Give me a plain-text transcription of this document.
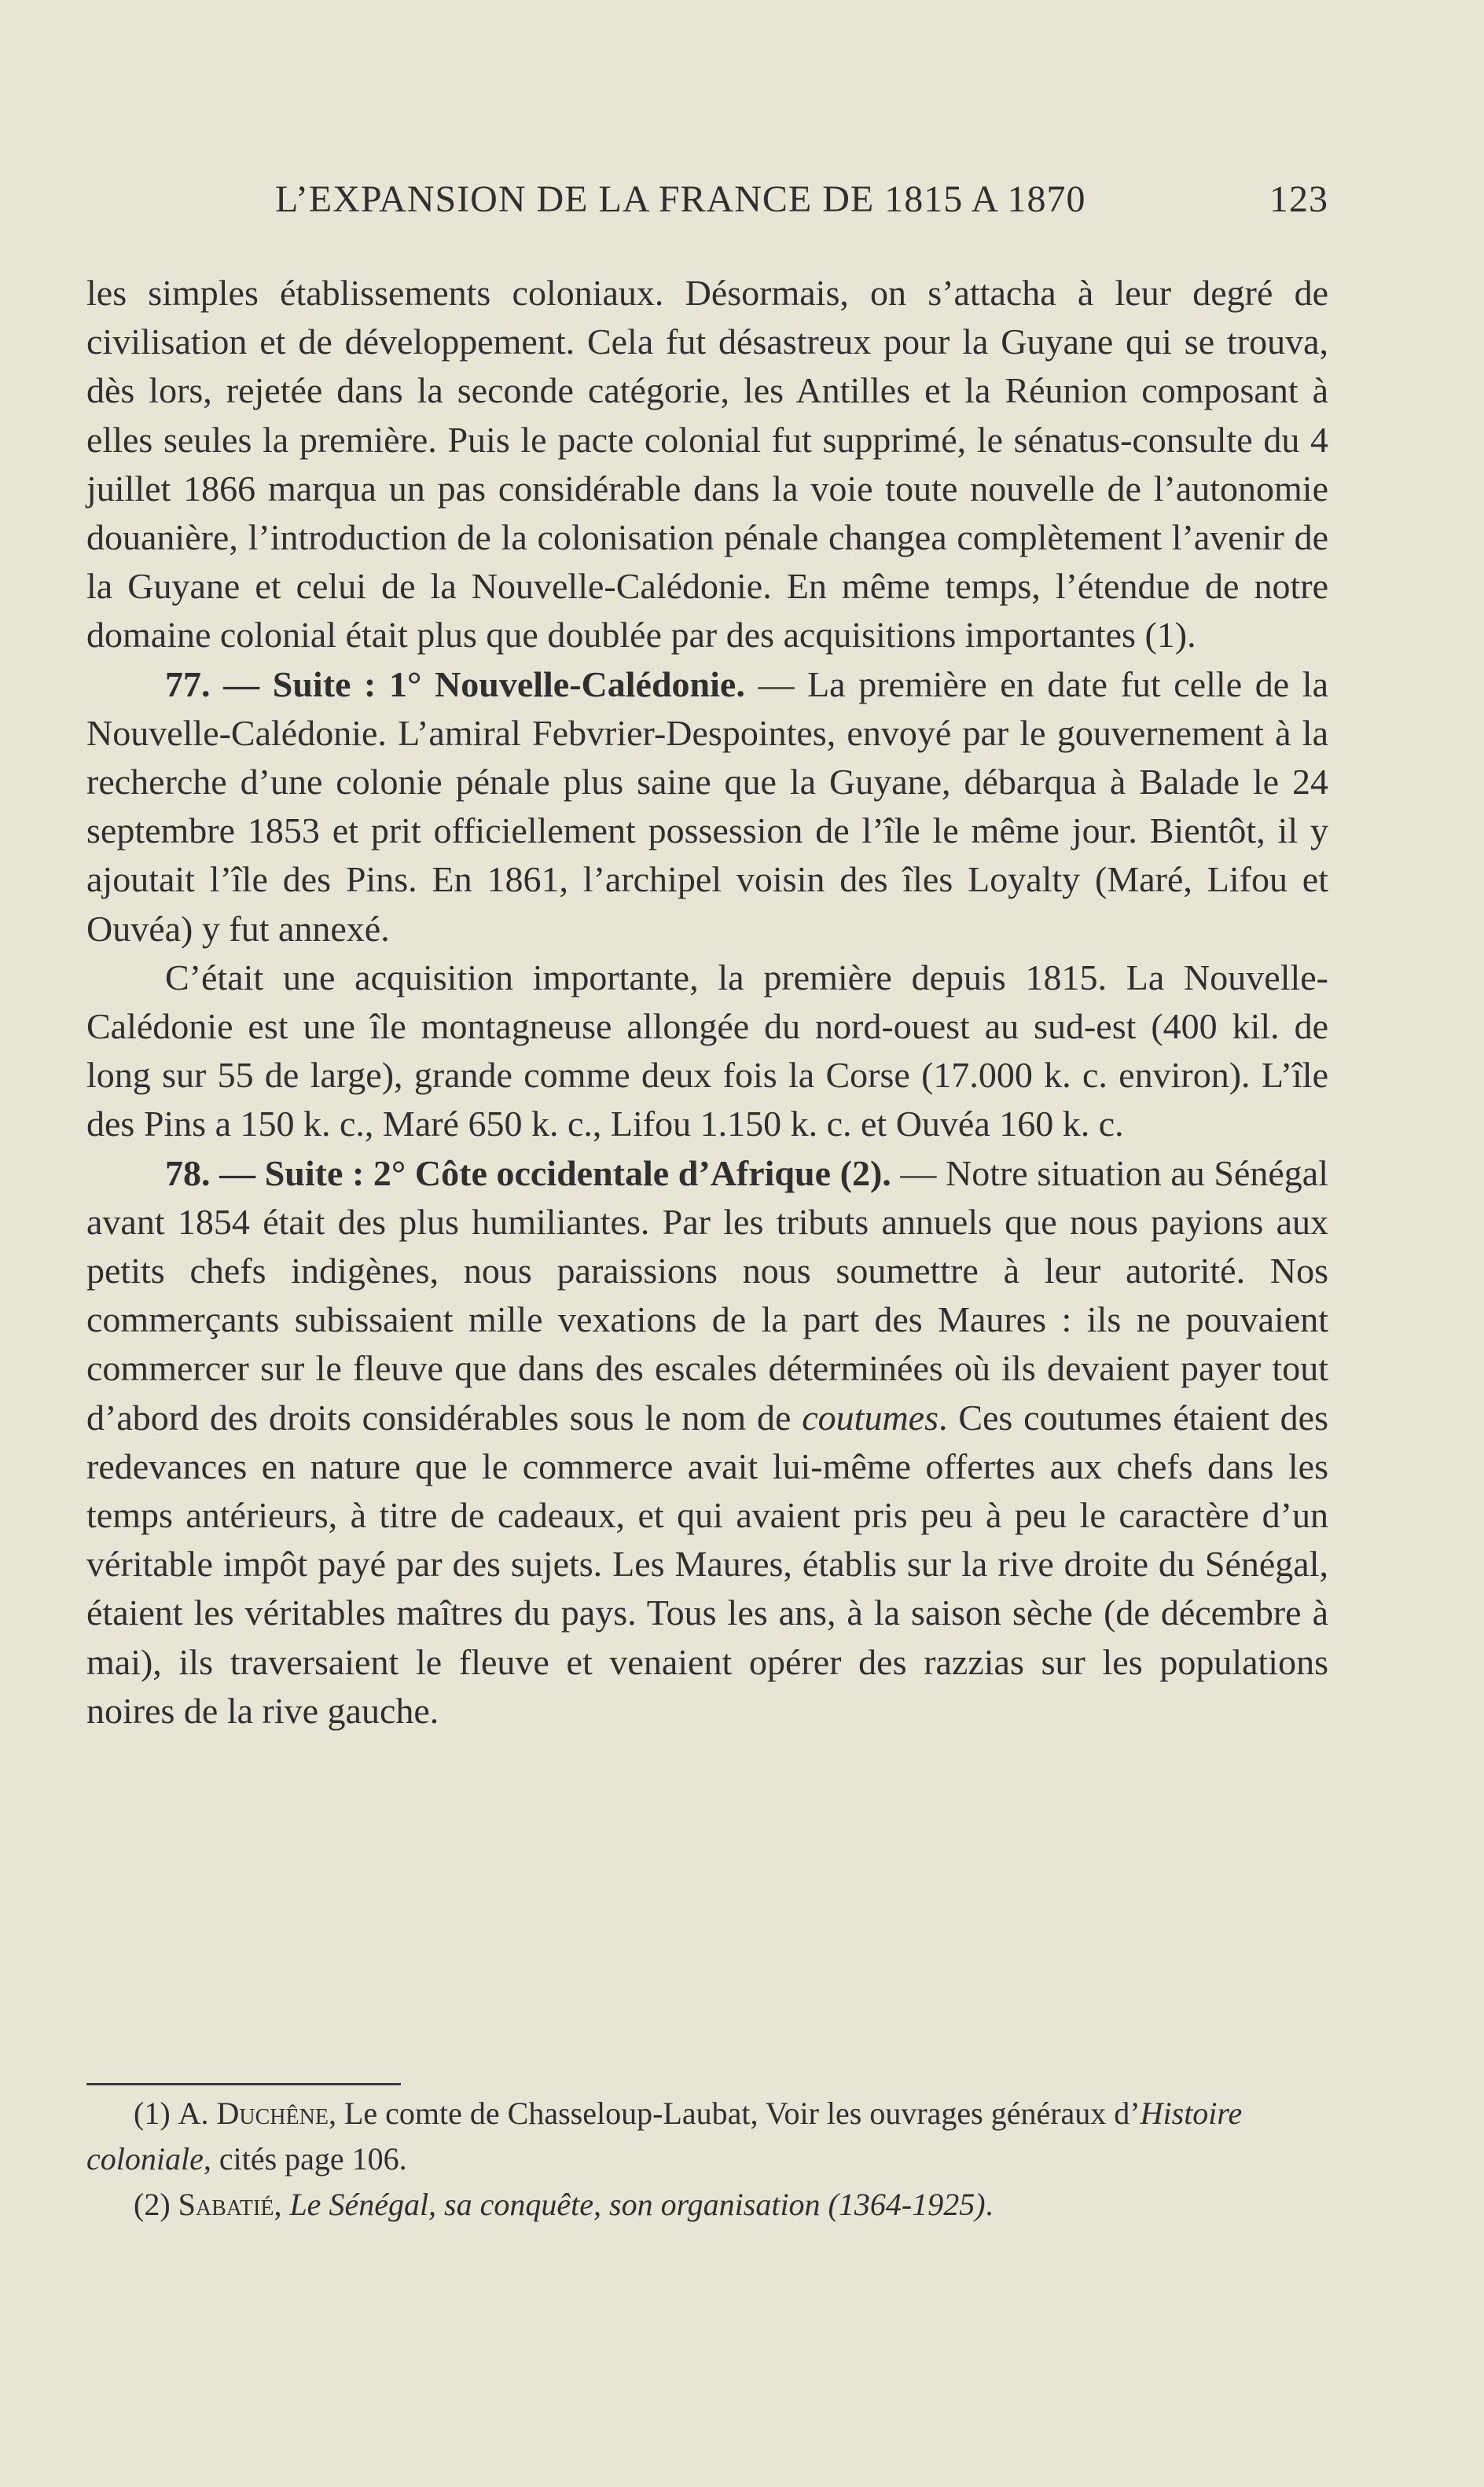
L’EXPANSION DE LA FRANCE DE 1815 A 1870	123

les simples établissements coloniaux. Désormais, on s’attacha à leur degré de civilisation et de développement. Cela fut désastreux pour la Guyane qui se trouva, dès lors, rejetée dans la seconde catégorie, les Antilles et la Réunion composant à elles seules la première. Puis le pacte colonial fut supprimé, le sénatus-consulte du 4 juillet 1866 marqua un pas considérable dans la voie toute nouvelle de l’autonomie douanière, l’introduction de la colonisation pénale changea complètement l’avenir de la Guyane et celui de la Nouvelle-Calédonie. En même temps, l’étendue de notre domaine colonial était plus que doublée par des acquisitions importantes (1).

77. — Suite : 1° Nouvelle-Calédonie. — La première en date fut celle de la Nouvelle-Calédonie. L’amiral Febvrier-Despointes, envoyé par le gouvernement à la recherche d’une colonie pénale plus saine que la Guyane, débarqua à Balade le 24 septembre 1853 et prit officiellement possession de l’île le même jour. Bientôt, il y ajoutait l’île des Pins. En 1861, l’archipel voisin des îles Loyalty (Maré, Lifou et Ouvéa) y fut annexé.

C’était une acquisition importante, la première depuis 1815. La Nouvelle-Calédonie est une île montagneuse allongée du nord-ouest au sud-est (400 kil. de long sur 55 de large), grande comme deux fois la Corse (17.000 k. c. environ). L’île des Pins a 150 k. c., Maré 650 k. c., Lifou 1.150 k. c. et Ouvéa 160 k. c.

78. — Suite : 2° Côte occidentale d’Afrique (2). — Notre situation au Sénégal avant 1854 était des plus humiliantes. Par les tributs annuels que nous payions aux petits chefs indigènes, nous paraissions nous soumettre à leur autorité. Nos commerçants subissaient mille vexations de la part des Maures : ils ne pouvaient commercer sur le fleuve que dans des escales déterminées où ils devaient payer tout d’abord des droits considérables sous le nom de coutumes. Ces coutumes étaient des redevances en nature que le commerce avait lui-même offertes aux chefs dans les temps antérieurs, à titre de cadeaux, et qui avaient pris peu à peu le caractère d’un véritable impôt payé par des sujets. Les Maures, établis sur la rive droite du Sénégal, étaient les véritables maîtres du pays. Tous les ans, à la saison sèche (de décembre à mai), ils traversaient le fleuve et venaient opérer des razzias sur les populations noires de la rive gauche.

(1) A. Duchêne, Le comte de Chasseloup-Laubat, Voir les ouvrages généraux d’Histoire coloniale, cités page 106.

(2) Sabatié, Le Sénégal, sa conquête, son organisation (1364-1925).
